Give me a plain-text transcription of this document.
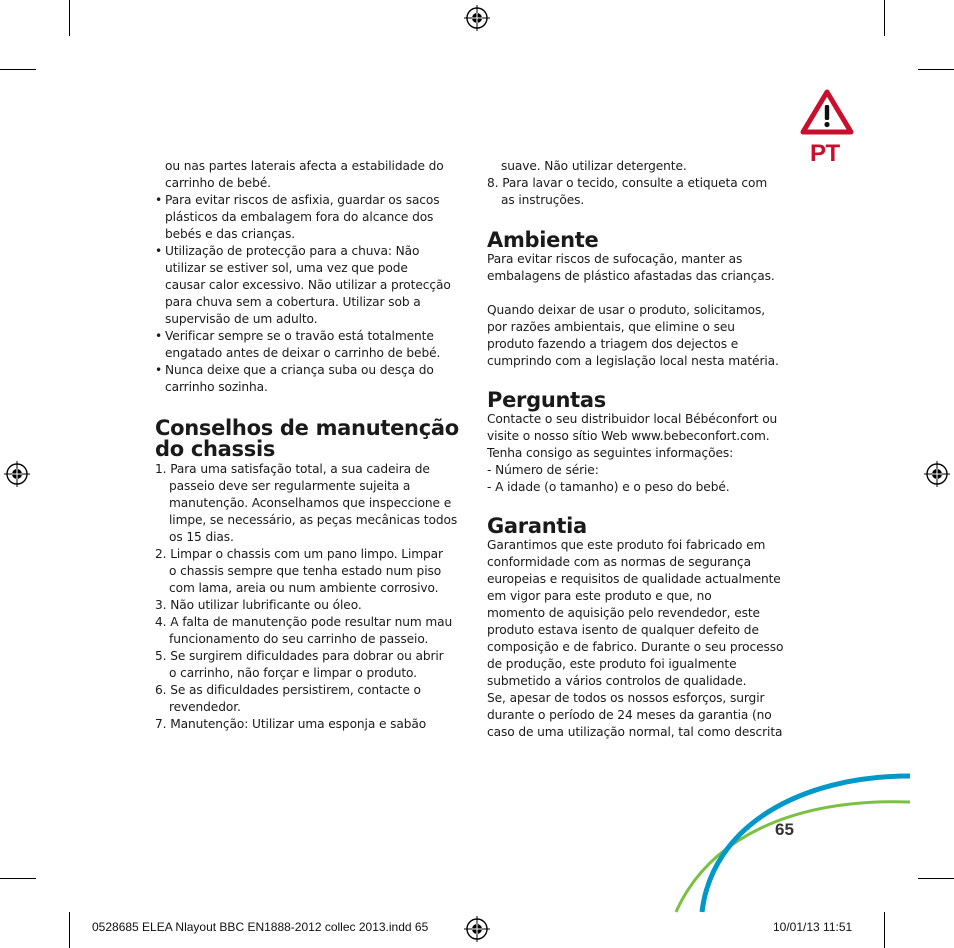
PT

ou nas partes laterais afecta a estabilidade do

carrinho de bebé.

• Para evitar riscos de asfixia, guardar os sacos

plásticos da embalagem fora do alcance dos

bebés e das crianças.

• Utilização de protecção para a chuva: Não

utilizar se estiver sol, uma vez que pode

causar calor excessivo. Não utilizar a protecção

para chuva sem a cobertura. Utilizar sob a

supervisão de um adulto.

• Verificar sempre se o travão está totalmente

engatado antes de deixar o carrinho de bebé.

• Nunca deixe que a criança suba ou desça do

carrinho sozinha.

Conselhos de manutenção
do chassis

1. Para uma satisfação total, a sua cadeira de

passeio deve ser regularmente sujeita a

manutenção. Aconselhamos que inspeccione e

limpe, se necessário, as peças mecânicas todos

os 15 dias.

2. Limpar o chassis com um pano limpo. Limpar

o chassis sempre que tenha estado num piso

com lama, areia ou num ambiente corrosivo.

3. Não utilizar lubrificante ou óleo.

4. A falta de manutenção pode resultar num mau

funcionamento do seu carrinho de passeio.

5. Se surgirem dificuldades para dobrar ou abrir

o carrinho, não forçar e limpar o produto.

6. Se as dificuldades persistirem, contacte o

revendedor.

7. Manutenção: Utilizar uma esponja e sabão

suave. Não utilizar detergente.

8. Para lavar o tecido, consulte a etiqueta com

as instruções.

Ambiente

Para evitar riscos de sufocação, manter as

embalagens de plástico afastadas das crianças.

Quando deixar de usar o produto, solicitamos,

por razões ambientais, que elimine o seu

produto fazendo a triagem dos dejectos e

cumprindo com a legislação local nesta matéria.

Perguntas

Contacte o seu distribuidor local Bébéconfort ou

visite o nosso sítio Web www.bebeconfort.com.

Tenha consigo as seguintes informações:

- Número de série:

- A idade (o tamanho) e o peso do bebé.

Garantia

Garantimos que este produto foi fabricado em

conformidade com as normas de segurança

europeias e requisitos de qualidade actualmente

em vigor para este produto e que, no

momento de aquisição pelo revendedor, este

produto estava isento de qualquer defeito de

composição e de fabrico. Durante o seu processo

de produção, este produto foi igualmente

submetido a vários controlos de qualidade.

Se, apesar de todos os nossos esforços, surgir

durante o período de 24 meses da garantia (no

caso de uma utilização normal, tal como descrita

65
0528685 ELEA Nlayout BBC EN1888-2012 collec 2013.indd 65	10/01/13 11:51
